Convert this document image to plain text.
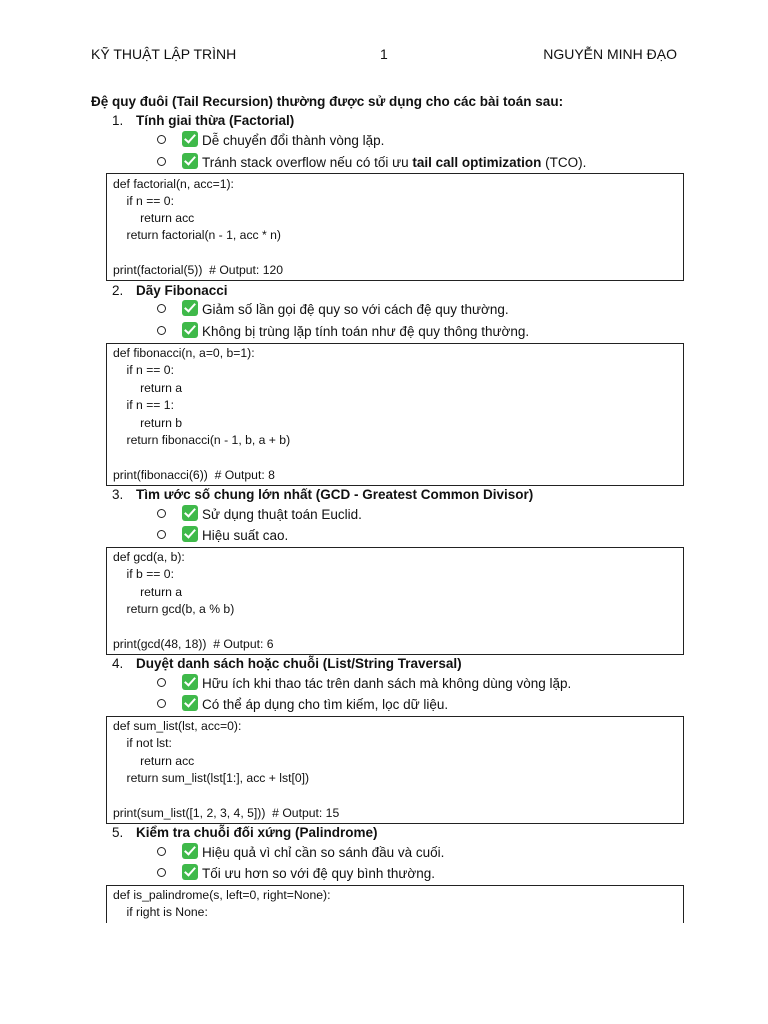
KỸ THUẬT LẬP TRÌNH	1	NGUYỄN MINH ĐẠO
Đệ quy đuôi (Tail Recursion) thường được sử dụng cho các bài toán sau:
1. Tính giai thừa (Factorial)
Dễ chuyển đổi thành vòng lặp.
Tránh stack overflow nếu có tối ưu tail call optimization (TCO).
def factorial(n, acc=1):
if n == 0:
return acc
return factorial(n - 1, acc * n)
print(factorial(5))  # Output: 120
2. Dãy Fibonacci
Giảm số lần gọi đệ quy so với cách đệ quy thường.
Không bị trùng lặp tính toán như đệ quy thông thường.
def fibonacci(n, a=0, b=1):
if n == 0:
return a
if n == 1:
return b
return fibonacci(n - 1, b, a + b)
print(fibonacci(6))  # Output: 8
3. Tìm ước số chung lớn nhất (GCD - Greatest Common Divisor)
Sử dụng thuật toán Euclid.
Hiệu suất cao.
def gcd(a, b):
if b == 0:
return a
return gcd(b, a % b)
print(gcd(48, 18))  # Output: 6
4. Duyệt danh sách hoặc chuỗi (List/String Traversal)
Hữu ích khi thao tác trên danh sách mà không dùng vòng lặp.
Có thể áp dụng cho tìm kiếm, lọc dữ liệu.
def sum_list(lst, acc=0):
if not lst:
return acc
return sum_list(lst[1:], acc + lst[0])
print(sum_list([1, 2, 3, 4, 5]))  # Output: 15
5. Kiểm tra chuỗi đối xứng (Palindrome)
Hiệu quả vì chỉ cần so sánh đầu và cuối.
Tối ưu hơn so với đệ quy bình thường.
def is_palindrome(s, left=0, right=None):
if right is None:
